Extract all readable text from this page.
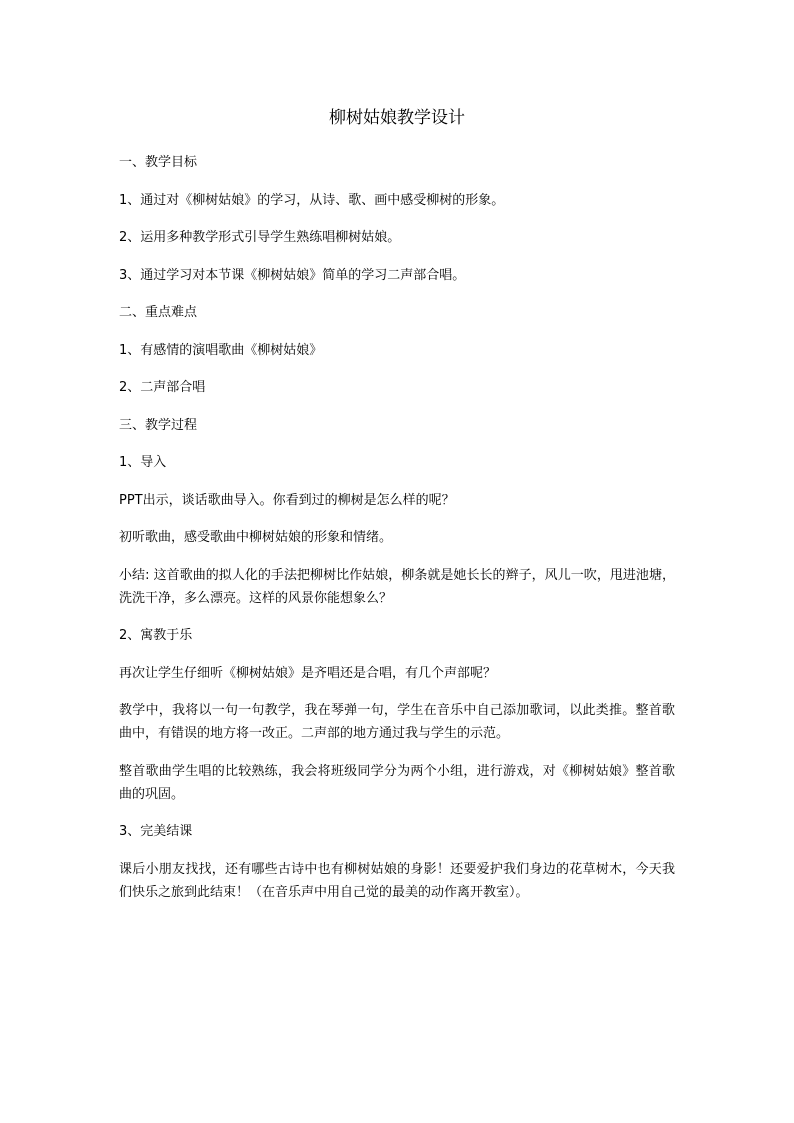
柳树姑娘教学设计

一、教学目标

1、通过对《柳树姑娘》的学习，从诗、歌、画中感受柳树的形象。

2、运用多种教学形式引导学生熟练唱柳树姑娘。

3、通过学习对本节课《柳树姑娘》简单的学习二声部合唱。

二、重点难点

1、有感情的演唱歌曲《柳树姑娘》

2、二声部合唱

三、教学过程

1、导入

PPT出示，谈话歌曲导入。你看到过的柳树是怎么样的呢？

初听歌曲，感受歌曲中柳树姑娘的形象和情绪。

小结: 这首歌曲的拟人化的手法把柳树比作姑娘，柳条就是她长长的辫子，风儿一吹，甩进池塘，洗洗干净，多么漂亮。这样的风景你能想象么？

2、寓教于乐

再次让学生仔细听《柳树姑娘》是齐唱还是合唱，有几个声部呢？

教学中，我将以一句一句教学，我在琴弹一句，学生在音乐中自己添加歌词，以此类推。整首歌曲中，有错误的地方将一改正。二声部的地方通过我与学生的示范。

整首歌曲学生唱的比较熟练，我会将班级同学分为两个小组，进行游戏，对《柳树姑娘》整首歌曲的巩固。

3、完美结课

课后小朋友找找，还有哪些古诗中也有柳树姑娘的身影！还要爱护我们身边的花草树木，今天我们快乐之旅到此结束！（在音乐声中用自己觉的最美的动作离开教室）。
